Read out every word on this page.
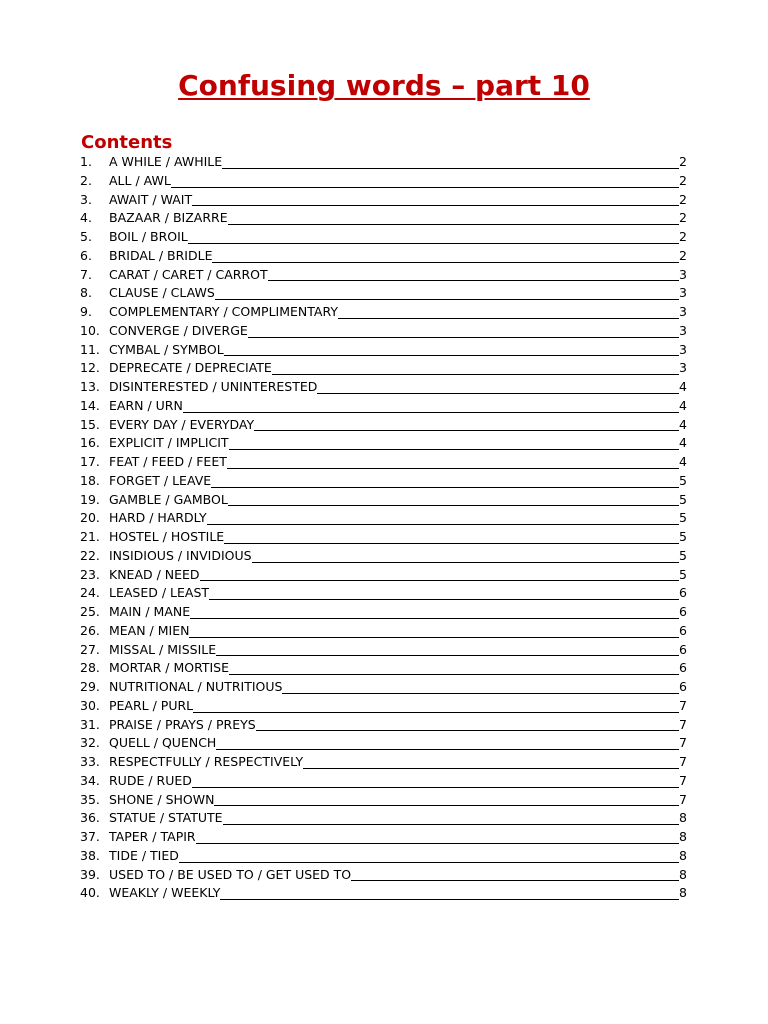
Confusing words – part 10
Contents
1.	A WHILE / AWHILE	2
2.	ALL / AWL	2
3.	AWAIT / WAIT	2
4.	BAZAAR / BIZARRE	2
5.	BOIL / BROIL	2
6.	BRIDAL / BRIDLE	2
7.	CARAT / CARET / CARROT	3
8.	CLAUSE / CLAWS	3
9.	COMPLEMENTARY / COMPLIMENTARY	3
10. CONVERGE / DIVERGE	3
11. CYMBAL / SYMBOL	3
12. DEPRECATE / DEPRECIATE	3
13. DISINTERESTED / UNINTERESTED	4
14. EARN / URN	4
15. EVERY DAY / EVERYDAY	4
16. EXPLICIT / IMPLICIT	4
17. FEAT / FEED / FEET	4
18. FORGET / LEAVE	5
19. GAMBLE / GAMBOL	5
20. HARD / HARDLY	5
21. HOSTEL / HOSTILE	5
22. INSIDIOUS / INVIDIOUS	5
23. KNEAD / NEED	5
24. LEASED / LEAST	6
25. MAIN / MANE	6
26. MEAN / MIEN	6
27. MISSAL / MISSILE	6
28. MORTAR / MORTISE	6
29. NUTRITIONAL / NUTRITIOUS	6
30. PEARL / PURL	7
31. PRAISE / PRAYS / PREYS	7
32. QUELL / QUENCH	7
33. RESPECTFULLY / RESPECTIVELY	7
34. RUDE / RUED	7
35. SHONE / SHOWN	7
36. STATUE / STATUTE	8
37. TAPER / TAPIR	8
38. TIDE / TIED	8
39. USED TO / BE USED TO / GET USED TO	8
40. WEAKLY / WEEKLY	8
